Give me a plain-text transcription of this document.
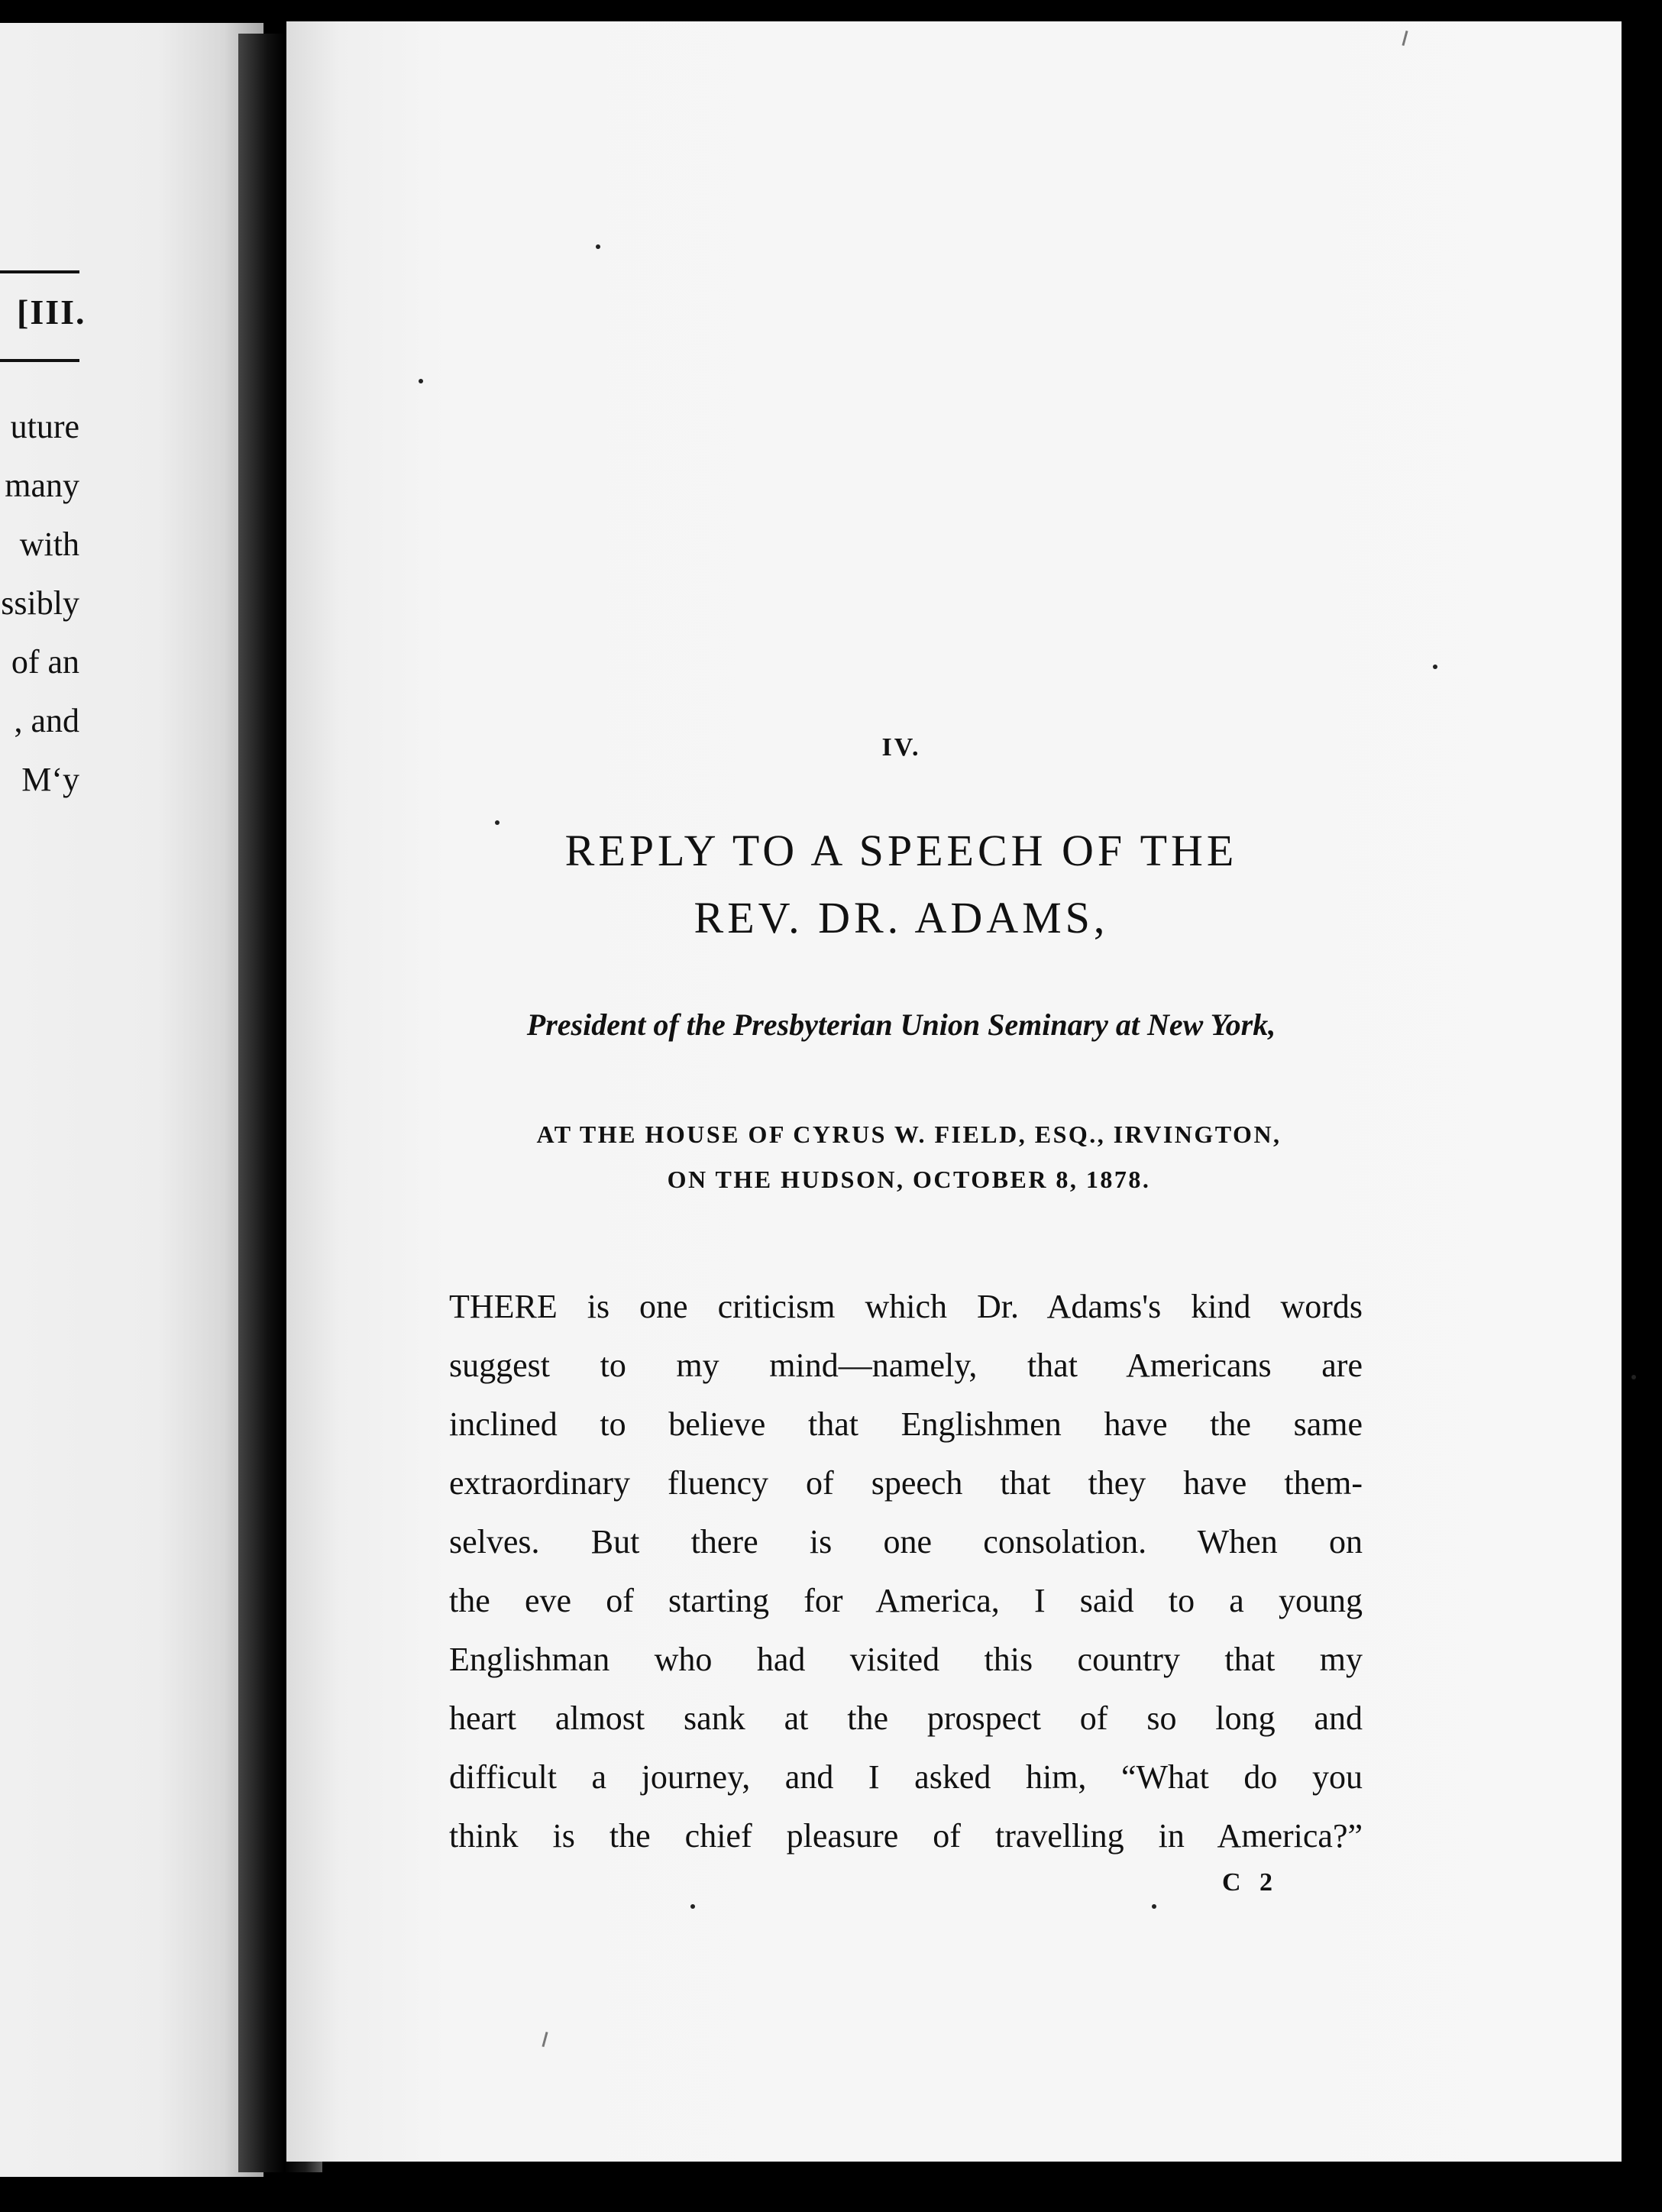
[III.
uture
many
with
ssibly
of an
, and
Mʻy
IV.
REPLY TO A SPEECH OF THE
REV. DR. ADAMS,
President of the Presbyterian Union Seminary at New York,
AT THE HOUSE OF CYRUS W. FIELD, ESQ., IRVINGTON,
ON THE HUDSON, OCTOBER 8, 1878.
THERE is one criticism which Dr. Adams's kind words
suggest to my mind—namely, that Americans are
inclined to believe that Englishmen have the same
extraordinary fluency of speech that they have them-
selves. But there is one consolation. When on
the eve of starting for America, I said to a young
Englishman who had visited this country that my
heart almost sank at the prospect of so long and
difficult a journey, and I asked him, “What do you
think is the chief pleasure of travelling in America?”
C 2
